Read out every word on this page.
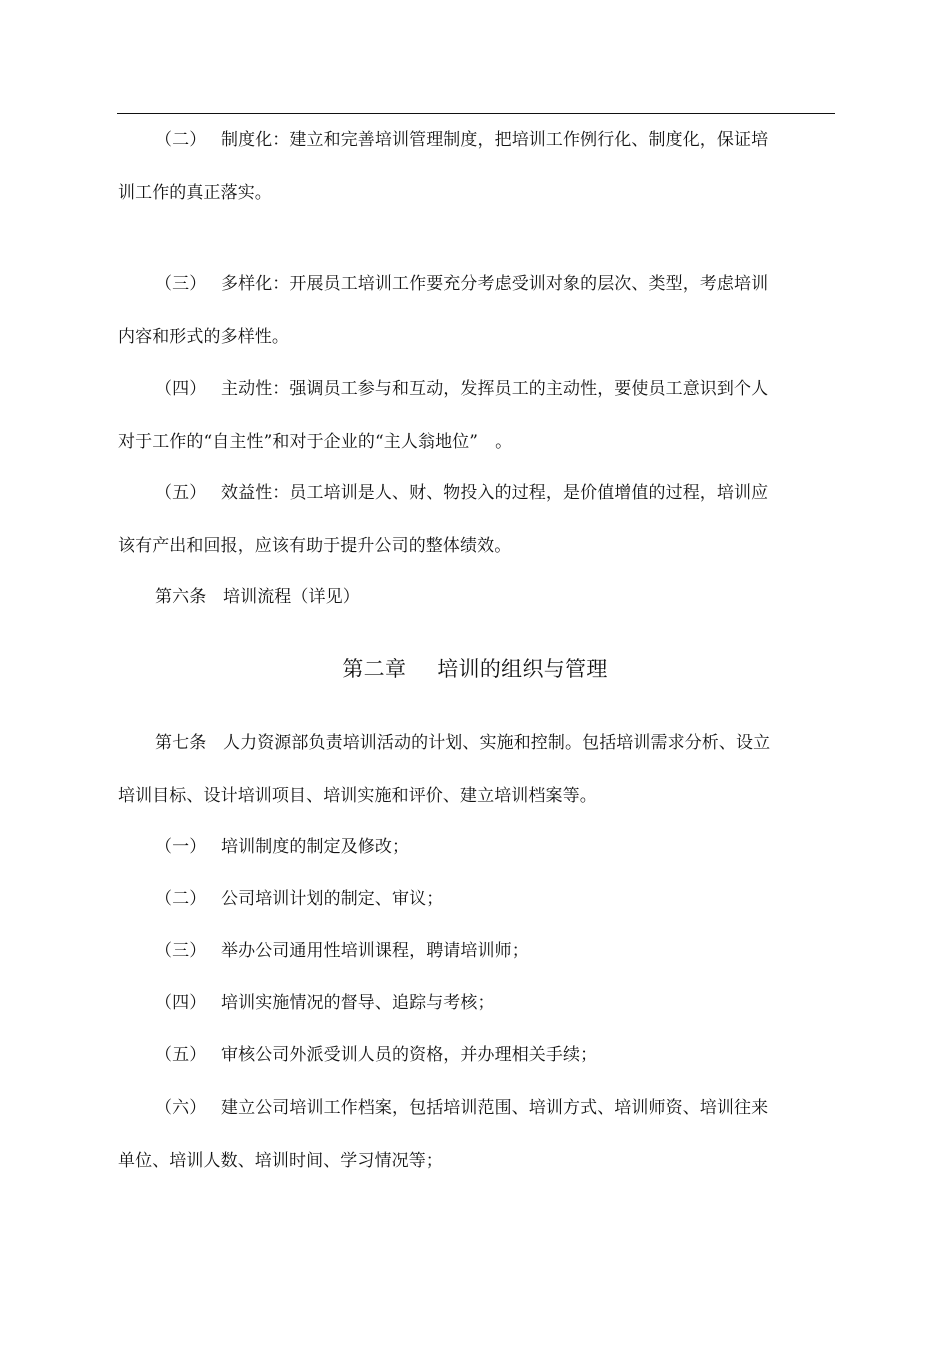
（二） 制度化：建立和完善培训管理制度，把培训工作例行化、制度化，保证培
训工作的真正落实。
（三） 多样化：开展员工培训工作要充分考虑受训对象的层次、类型，考虑培训
内容和形式的多样性。
（四） 主动性：强调员工参与和互动，发挥员工的主动性，要使员工意识到个人
对于工作的“自主性”和对于企业的“主人翁地位”　。
（五） 效益性：员工培训是人、财、物投入的过程，是价值增值的过程，培训应
该有产出和回报，应该有助于提升公司的整体绩效。
第六条 培训流程（详见）
第二章 培训的组织与管理
第七条 人力资源部负责培训活动的计划、实施和控制。包括培训需求分析、设立
培训目标、设计培训项目、培训实施和评价、建立培训档案等。
（一） 培训制度的制定及修改；
（二） 公司培训计划的制定、审议；
（三） 举办公司通用性培训课程，聘请培训师；
（四） 培训实施情况的督导、追踪与考核；
（五） 审核公司外派受训人员的资格，并办理相关手续；
（六） 建立公司培训工作档案，包括培训范围、培训方式、培训师资、培训往来
单位、培训人数、培训时间、学习情况等；
